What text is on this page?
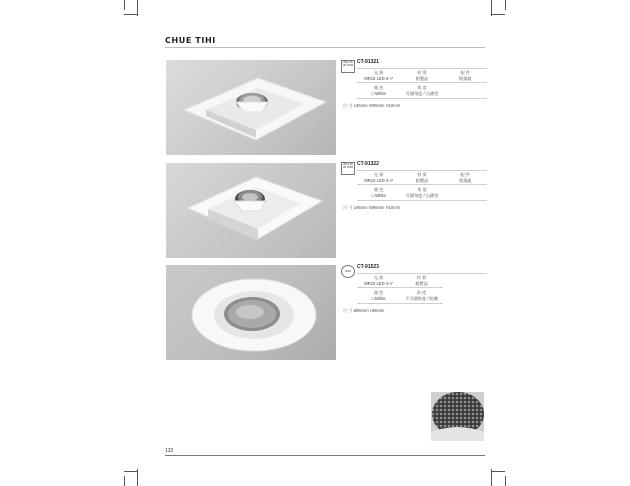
CHUE TIHI
ZN1 ID 45 IP20
CT-91321
光 源	材 質	配 件
MR16 LED 4~7	鋁製品	燈架組
顏 色	角 度
☐White	可調角度 / 自鎖型
尺 寸 L95mm W95mm H10mm
ZN1 ID 45 IP20
CT-91322
光 源	材 質	配 件
MR16 LED 4~7	鋁製品	燈架組
顏 色	角 度
☐White	可調角度 / 自鎖型
尺 寸 L95mm W95mm H10mm
IP44
CT-91523
光 源	材 質
MR16 LED 4~7	鋁製品
顏 色	角 度
☐White	不可調角度 / 防霧
尺 寸 Ø95mm H80mm
132
